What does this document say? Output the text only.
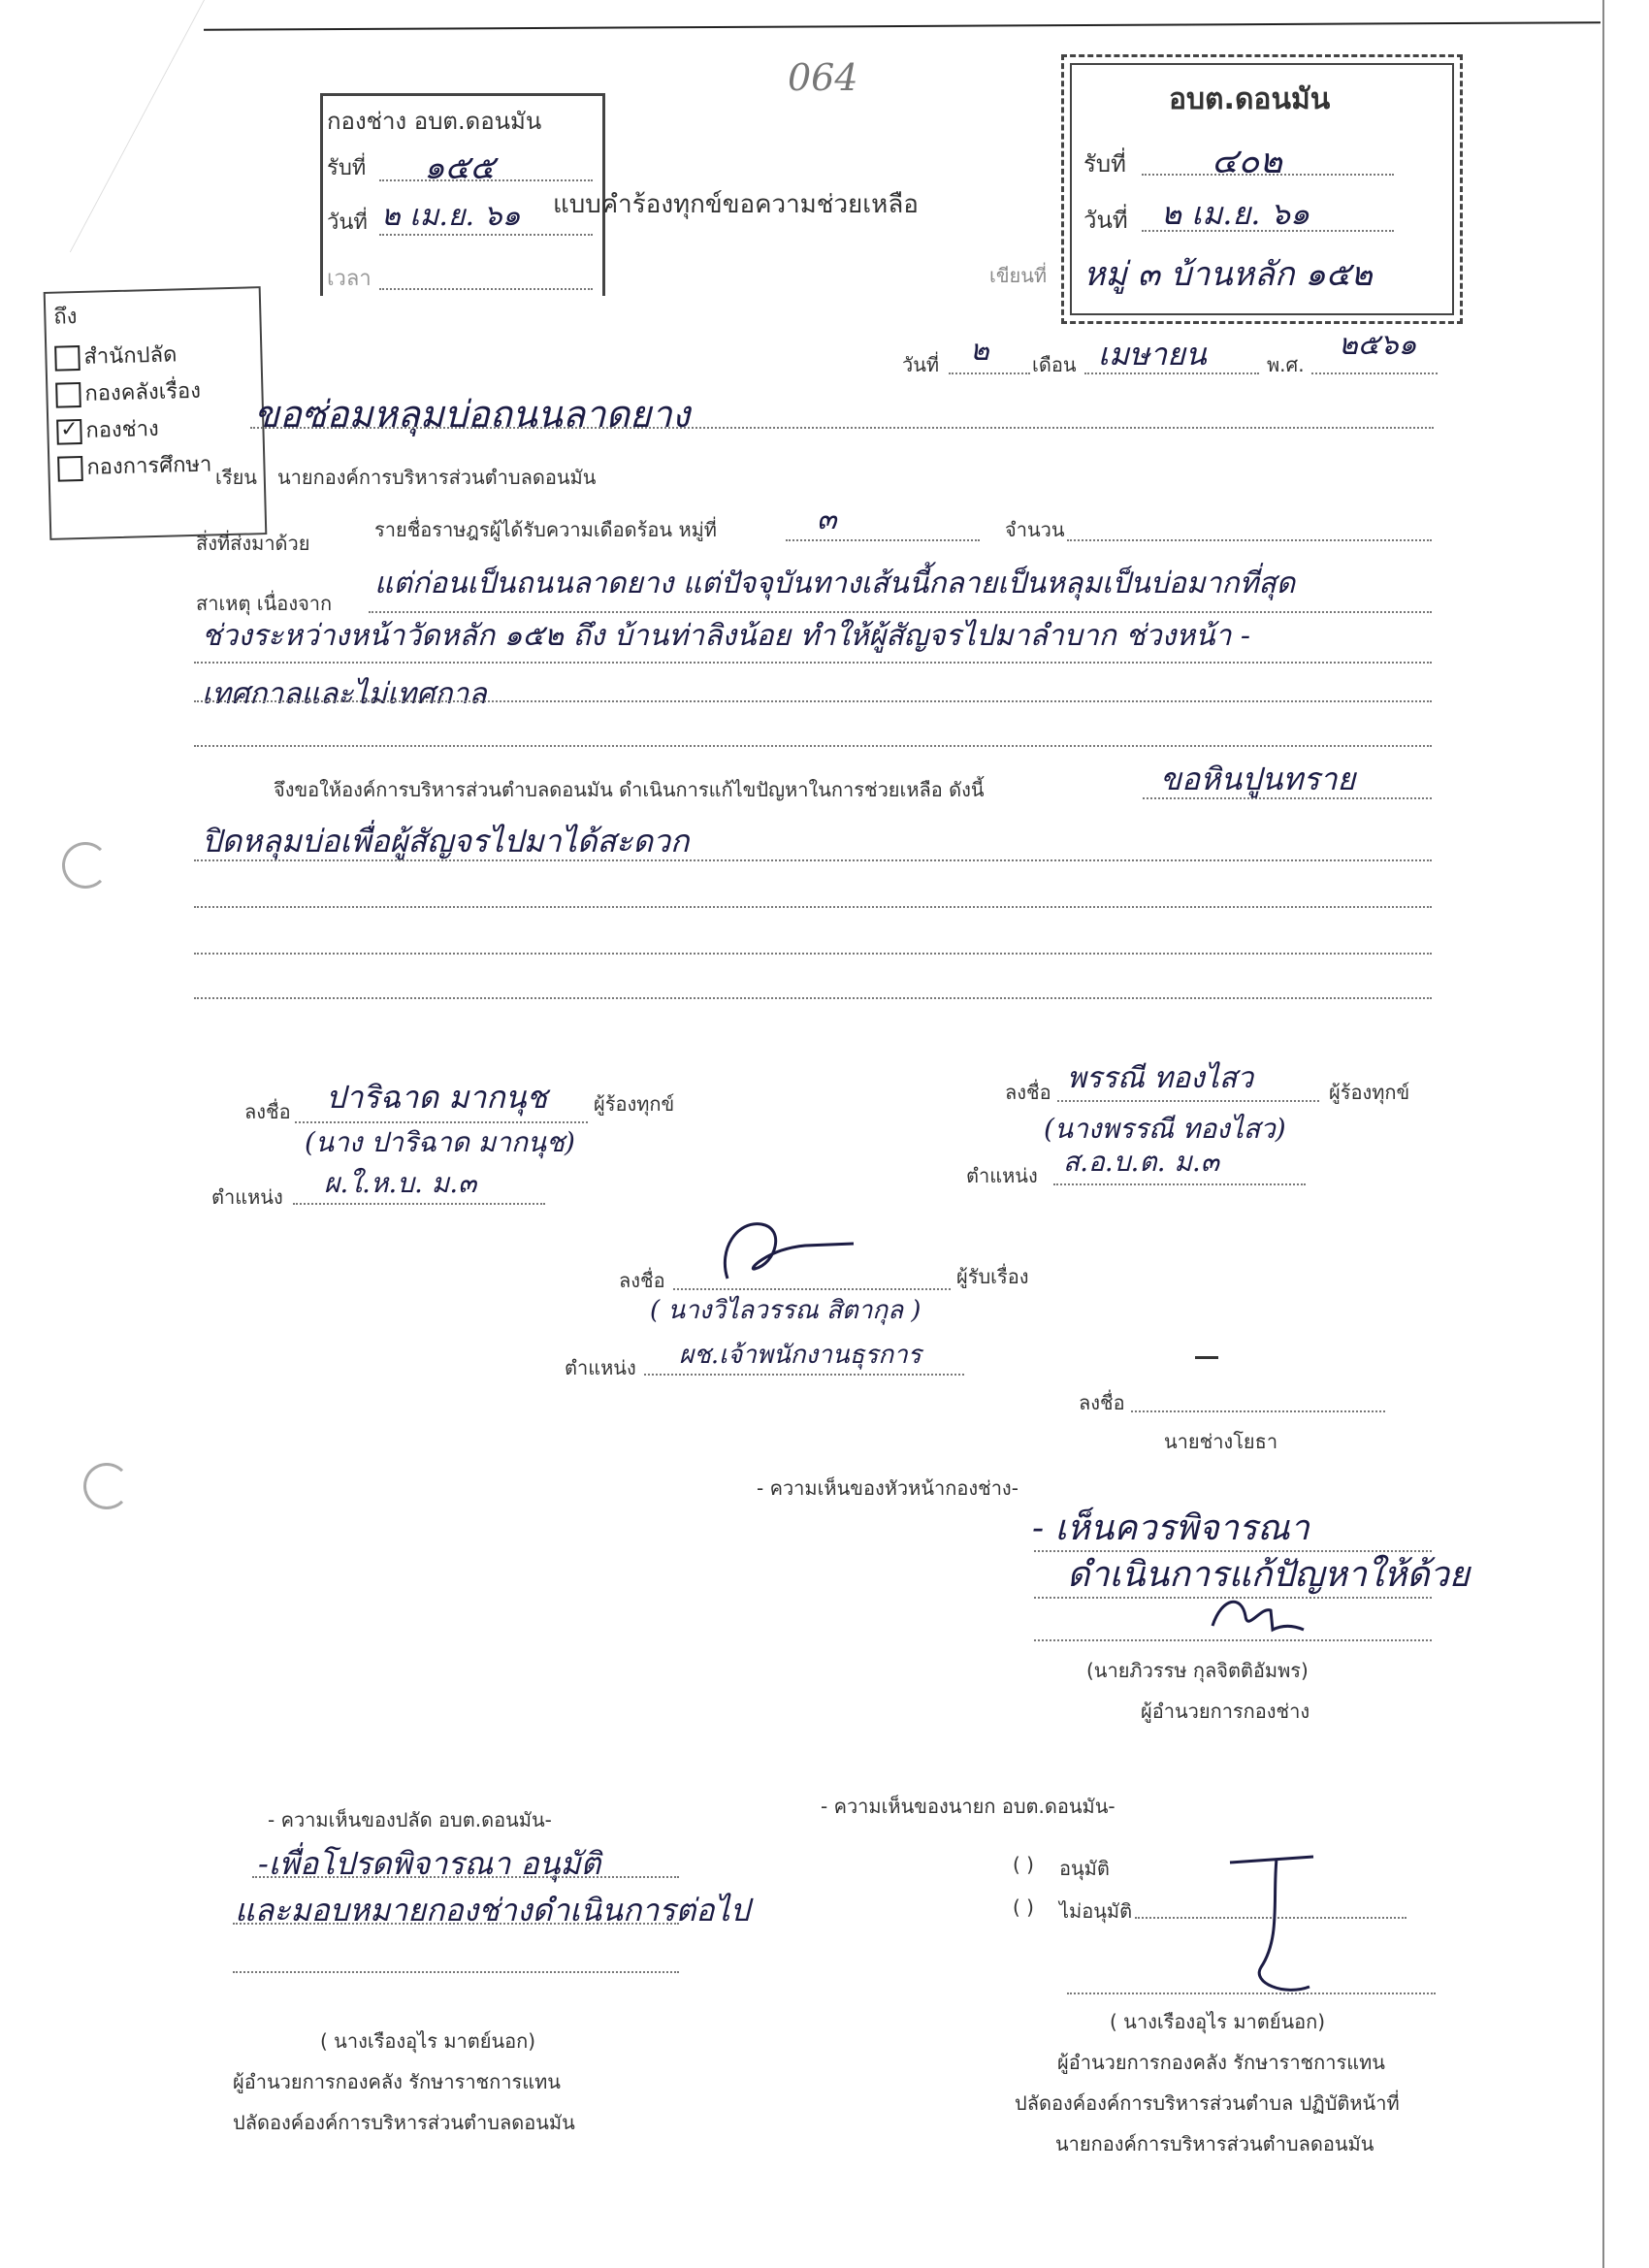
064
กองช่าง อบต.ดอนมัน
รับที่ ๑๕๕
วันที่ ๒ เม.ย. ๖๑
เวลา
แบบคำร้องทุกข์ขอความช่วยเหลือ
อบต.ดอนมัน
รับที่ ๔๐๒
วันที่ ๒ เม.ย. ๖๑
หมู่ ๓ บ้านหลัก ๑๕๒
เขียนที่
ถึง
สำนักปลัด
กองคลังเรื่อง
✓ กองช่าง
กองการศึกษา
วันที่ ๒ เดือน เมษายน	พ.ศ.
๒๕๖๑
ขอซ่อมหลุมบ่อถนนลาดยาง
เรียน นายกองค์การบริหารส่วนตำบลดอนมัน
สิ่งที่ส่งมาด้วย
รายชื่อราษฎรผู้ได้รับความเดือดร้อน หมู่ที่	๓	จำนวน
สาเหตุ เนื่องจาก
แต่ก่อนเป็นถนนลาดยาง แต่ปัจจุบันทางเส้นนี้กลายเป็นหลุมเป็นบ่อมากที่สุด
ช่วงระหว่างหน้าวัดหลัก ๑๕๒ ถึง บ้านท่าลิงน้อย ทำให้ผู้สัญจรไปมาลำบาก ช่วงหน้า -
เทศกาลและไม่เทศกาล
จึงขอให้องค์การบริหารส่วนตำบลดอนมัน ดำเนินการแก้ไขปัญหาในการช่วยเหลือ ดังนี้	ขอหินปูนทราย
ปิดหลุมบ่อเพื่อผู้สัญจรไปมาได้สะดวก
ลงชื่อ ปาริฉาด มากนุช ผู้ร้องทุกข์
(นาง ปาริฉาด มากนุช)
ตำแหน่ง ผ.ใ.ห.บ. ม.๓
ลงชื่อ พรรณี ทองไสว	ผู้ร้องทุกข์
(นางพรรณี ทองไสว)
ตำแหน่ง ส.อ.บ.ต. ม.๓
ลงชื่อ	ผู้รับเรื่อง
( นางวิไลวรรณ สิตากุล )
ตำแหน่ง ผช.เจ้าพนักงานธุรการ
ลงชื่อ
นายช่างโยธา
- ความเห็นของหัวหน้ากองช่าง-
- เห็นควรพิจารณา
ดำเนินการแก้ปัญหาให้ด้วย
(นายภิวรรษ กุลจิตติอัมพร)
ผู้อำนวยการกองช่าง
- ความเห็นของปลัด อบต.ดอนมัน-
-เพื่อโปรดพิจารณา อนุมัติ
และมอบหมายกองช่างดำเนินการต่อไป
( นางเรืองอุไร มาตย์นอก)
ผู้อำนวยการกองคลัง รักษาราชการแทน
ปลัดองค์องค์การบริหารส่วนตำบลดอนมัน
- ความเห็นของนายก อบต.ดอนมัน-
( ) อนุมัติ
( ) ไม่อนุมัติ
( นางเรืองอุไร มาตย์นอก)
ผู้อำนวยการกองคลัง รักษาราชการแทน
ปลัดองค์องค์การบริหารส่วนตำบล ปฏิบัติหน้าที่
นายกองค์การบริหารส่วนตำบลดอนมัน
